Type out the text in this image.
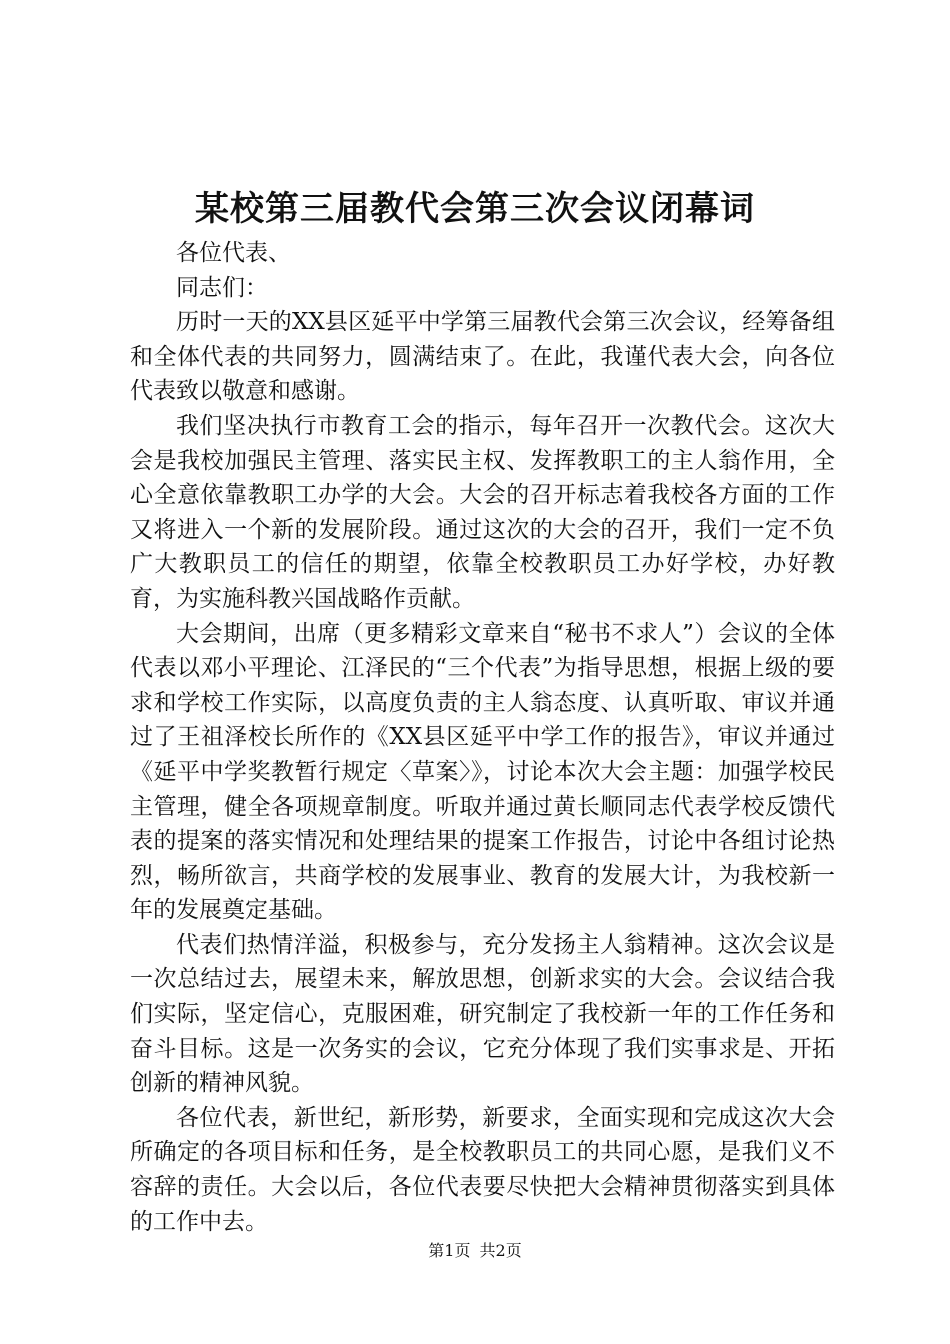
某校第三届教代会第三次会议闭幕词

各位代表、

同志们：

历时一天的XX县区延平中学第三届教代会第三次会议，经筹备组和全体代表的共同努力，圆满结束了。在此，我谨代表大会，向各位代表致以敬意和感谢。

我们坚决执行市教育工会的指示，每年召开一次教代会。这次大会是我校加强民主管理、落实民主权、发挥教职工的主人翁作用，全心全意依靠教职工办学的大会。大会的召开标志着我校各方面的工作又将进入一个新的发展阶段。通过这次的大会的召开，我们一定不负广大教职员工的信任的期望，依靠全校教职员工办好学校，办好教育，为实施科教兴国战略作贡献。

大会期间，出席（更多精彩文章来自“秘书不求人”）会议的全体代表以邓小平理论、江泽民的“三个代表”为指导思想，根据上级的要求和学校工作实际，以高度负责的主人翁态度、认真听取、审议并通过了王祖泽校长所作的《XX县区延平中学工作的报告》，审议并通过《延平中学奖教暂行规定〈草案〉》，讨论本次大会主题：加强学校民主管理，健全各项规章制度。听取并通过黄长顺同志代表学校反馈代表的提案的落实情况和处理结果的提案工作报告，讨论中各组讨论热烈，畅所欲言，共商学校的发展事业、教育的发展大计，为我校新一年的发展奠定基础。

代表们热情洋溢，积极参与，充分发扬主人翁精神。这次会议是一次总结过去，展望未来，解放思想，创新求实的大会。会议结合我们实际，坚定信心，克服困难，研究制定了我校新一年的工作任务和奋斗目标。这是一次务实的会议，它充分体现了我们实事求是、开拓创新的精神风貌。

各位代表，新世纪，新形势，新要求，全面实现和完成这次大会所确定的各项目标和任务，是全校教职员工的共同心愿，是我们义不容辞的责任。大会以后，各位代表要尽快把大会精神贯彻落实到具体的工作中去。

第1页 共2页
